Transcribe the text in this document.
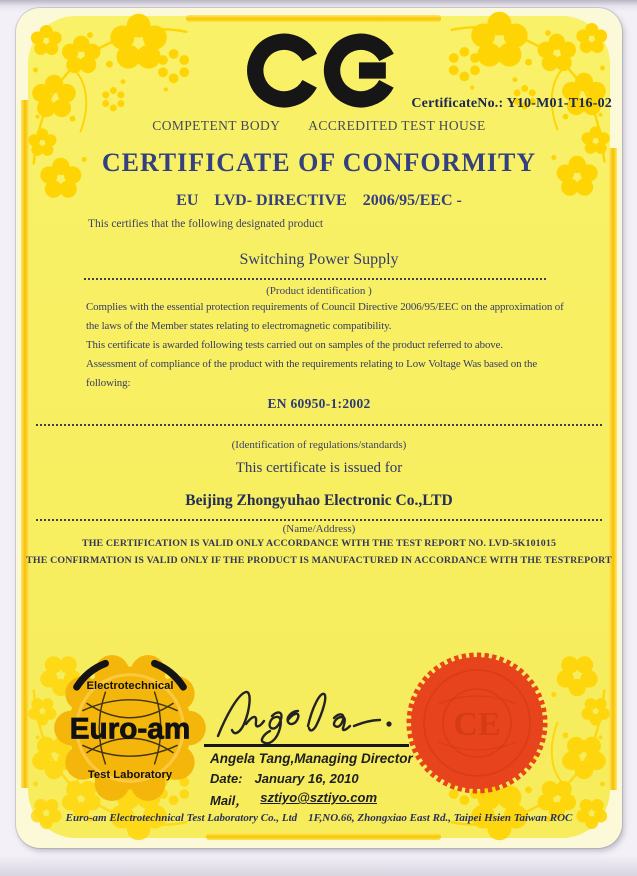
CertificateNo.: Y10-M01-T16-02
COMPETENT BODY ACCREDITED TEST HOUSE
CERTIFICATE OF CONFORMITY
EU    LVD- DIRECTIVE    2006/95/EEC -
This certifies that the following designated product
Switching Power Supply
(Product identification )
Complies with the essential protection requirements of Council Directive 2006/95/EEC on the approximation of
the laws of the Member states relating to electromagnetic compatibility.
This certificate is awarded following tests carried out on samples of the product referred to above.
Assessment of compliance of the product with the requirements relating to Low Voltage Was based on the
following:
EN 60950-1:2002
(Identification of regulations/standards)
This certificate is issued for
Beijing Zhongyuhao Electronic Co.,LTD
(Name/Address)
THE CERTIFICATION IS VALID ONLY ACCORDANCE WITH THE TEST REPORT NO. LVD-5K101015
THE CONFIRMATION IS VALID ONLY IF THE PRODUCT IS MANUFACTURED IN ACCORDANCE WITH THE TESTREPORT
Electrotechnical
Euro-am
Test Laboratory
Angela Tang,Managing Director
Date: January 16, 2010
Mail， sztiyo@sztiyo.com
CE
Euro-am Electrotechnical Test Laboratory Co., Ltd    1F,NO.66, Zhongxiao East Rd., Taipei Hsien Taiwan ROC
